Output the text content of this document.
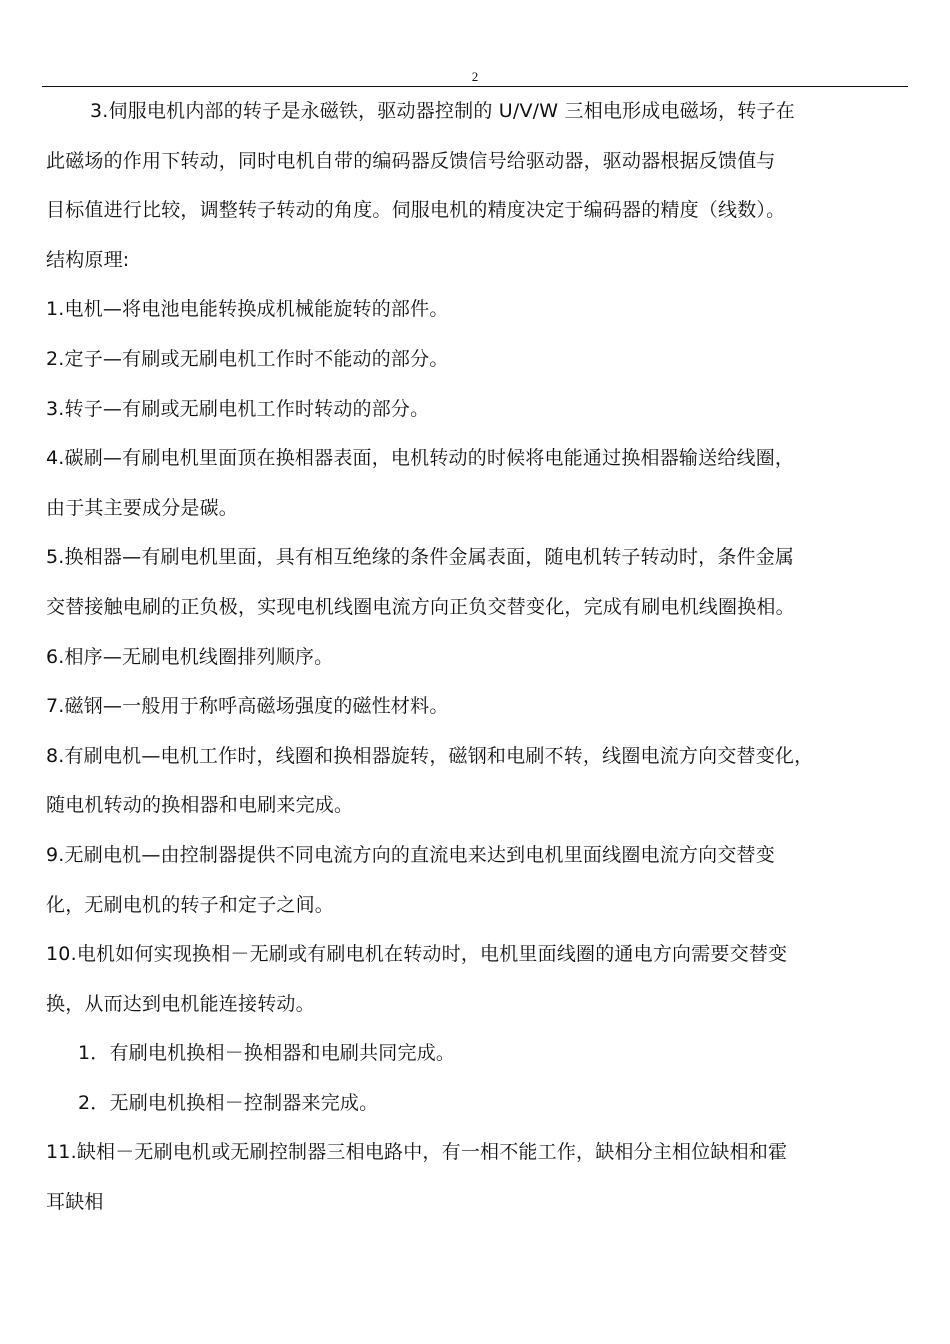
2
3.伺服电机内部的转子是永磁铁，驱动器控制的 U/V/W 三相电形成电磁场，转子在
此磁场的作用下转动，同时电机自带的编码器反馈信号给驱动器，驱动器根据反馈值与
目标值进行比较，调整转子转动的角度。伺服电机的精度决定于编码器的精度（线数）。
结构原理:
1.电机—将电池电能转换成机械能旋转的部件。
2.定子—有刷或无刷电机工作时不能动的部分。
3.转子—有刷或无刷电机工作时转动的部分。
4.碳刷—有刷电机里面顶在换相器表面，电机转动的时候将电能通过换相器输送给线圈，
由于其主要成分是碳。
5.换相器—有刷电机里面，具有相互绝缘的条件金属表面，随电机转子转动时，条件金属
交替接触电刷的正负极，实现电机线圈电流方向正负交替变化，完成有刷电机线圈换相。
6.相序—无刷电机线圈排列顺序。
7.磁钢—一般用于称呼高磁场强度的磁性材料。
8.有刷电机—电机工作时，线圈和换相器旋转，磁钢和电刷不转，线圈电流方向交替变化，
随电机转动的换相器和电刷来完成。
9.无刷电机—由控制器提供不同电流方向的直流电来达到电机里面线圈电流方向交替变
化，无刷电机的转子和定子之间。
10.电机如何实现换相－无刷或有刷电机在转动时，电机里面线圈的通电方向需要交替变
换，从而达到电机能连接转动。
1．有刷电机换相－换相器和电刷共同完成。
2．无刷电机换相－控制器来完成。
11.缺相－无刷电机或无刷控制器三相电路中，有一相不能工作，缺相分主相位缺相和霍
耳缺相
